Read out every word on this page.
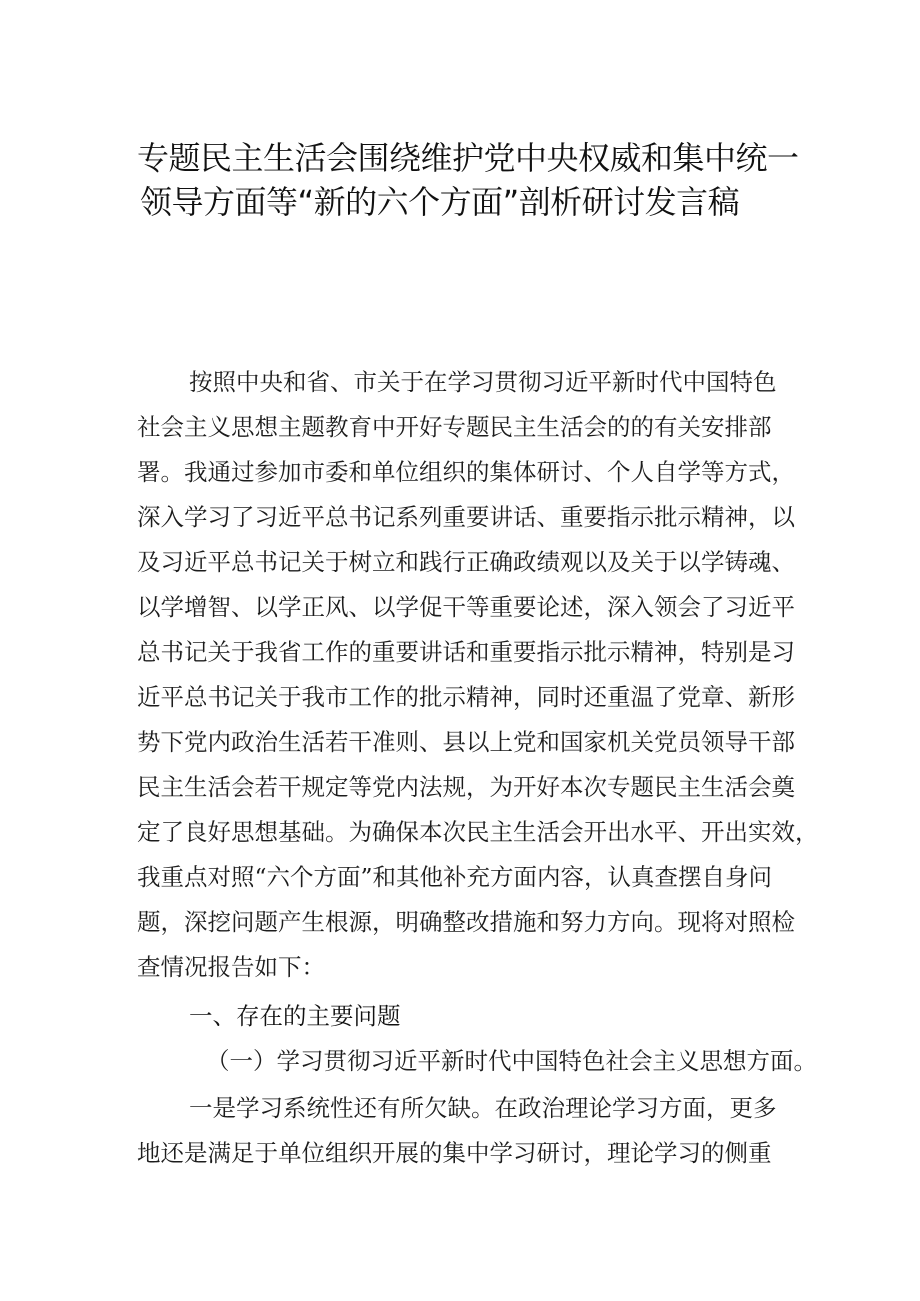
专题民主生活会围绕维护党中央权威和集中统一
领导方面等“新的六个方面”剖析研讨发言稿
按照中央和省、市关于在学习贯彻习近平新时代中国特色
社会主义思想主题教育中开好专题民主生活会的的有关安排部
署。我通过参加市委和单位组织的集体研讨、个人自学等方式，
深入学习了习近平总书记系列重要讲话、重要指示批示精神，以
及习近平总书记关于树立和践行正确政绩观以及关于以学铸魂、
以学增智、以学正风、以学促干等重要论述，深入领会了习近平
总书记关于我省工作的重要讲话和重要指示批示精神，特别是习
近平总书记关于我市工作的批示精神，同时还重温了党章、新形
势下党内政治生活若干准则、县以上党和国家机关党员领导干部
民主生活会若干规定等党内法规，为开好本次专题民主生活会奠
定了良好思想基础。为确保本次民主生活会开出水平、开出实效，
我重点对照“六个方面”和其他补充方面内容，认真查摆自身问
题，深挖问题产生根源，明确整改措施和努力方向。现将对照检
查情况报告如下：
一、存在的主要问题
（一）学习贯彻习近平新时代中国特色社会主义思想方面。
一是学习系统性还有所欠缺。在政治理论学习方面，更多
地还是满足于单位组织开展的集中学习研讨，理论学习的侧重
